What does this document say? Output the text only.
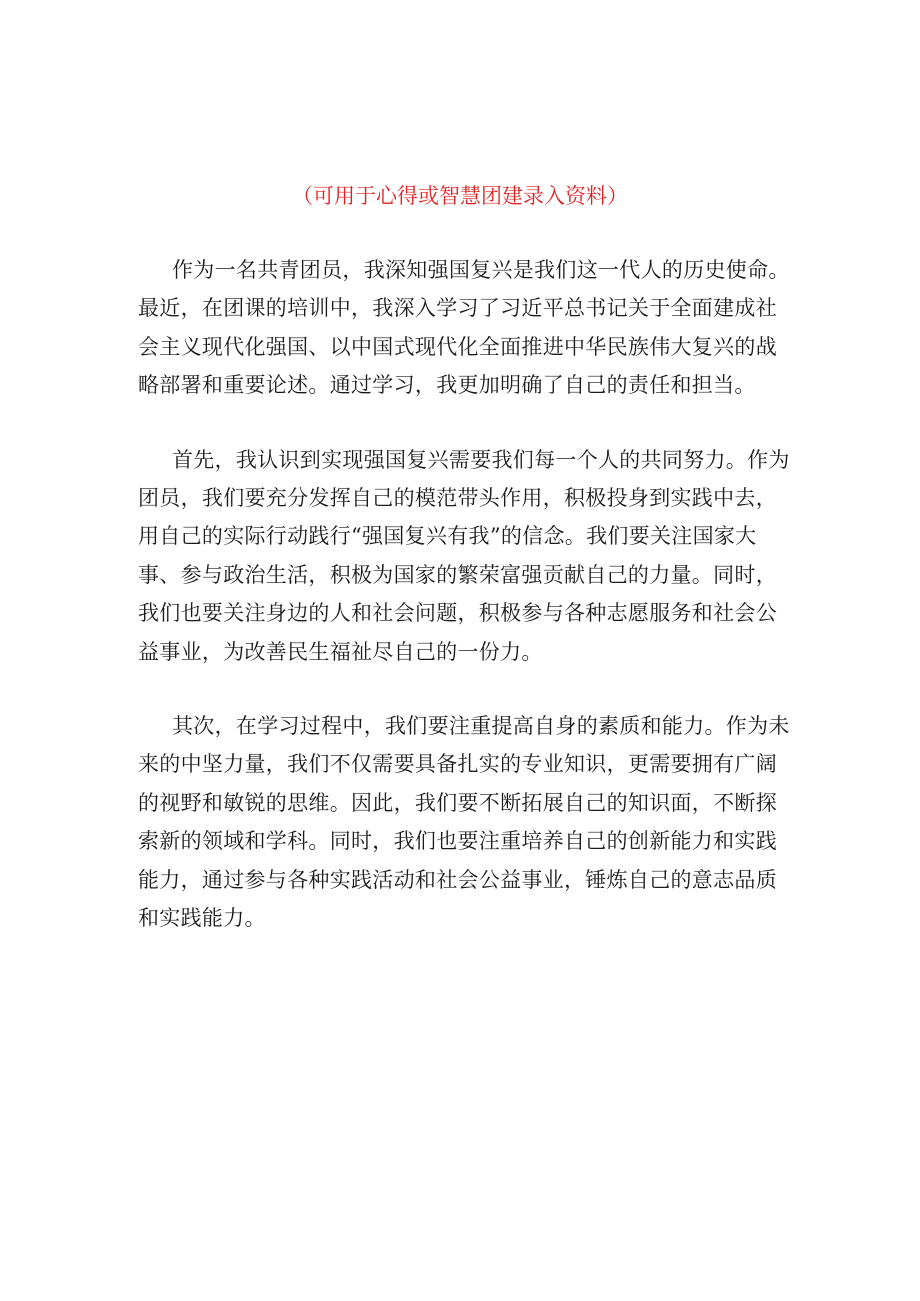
（可用于心得或智慧团建录入资料）

作为一名共青团员，我深知强国复兴是我们这一代人的历史使命。
最近，在团课的培训中，我深入学习了习近平总书记关于全面建成社
会主义现代化强国、以中国式现代化全面推进中华民族伟大复兴的战
略部署和重要论述。通过学习，我更加明确了自己的责任和担当。

首先，我认识到实现强国复兴需要我们每一个人的共同努力。作为
团员，我们要充分发挥自己的模范带头作用，积极投身到实践中去，
用自己的实际行动践行“强国复兴有我”的信念。我们要关注国家大
事、参与政治生活，积极为国家的繁荣富强贡献自己的力量。同时，
我们也要关注身边的人和社会问题，积极参与各种志愿服务和社会公
益事业，为改善民生福祉尽自己的一份力。

其次，在学习过程中，我们要注重提高自身的素质和能力。作为未
来的中坚力量，我们不仅需要具备扎实的专业知识，更需要拥有广阔
的视野和敏锐的思维。因此，我们要不断拓展自己的知识面，不断探
索新的领域和学科。同时，我们也要注重培养自己的创新能力和实践
能力，通过参与各种实践活动和社会公益事业，锤炼自己的意志品质
和实践能力。
